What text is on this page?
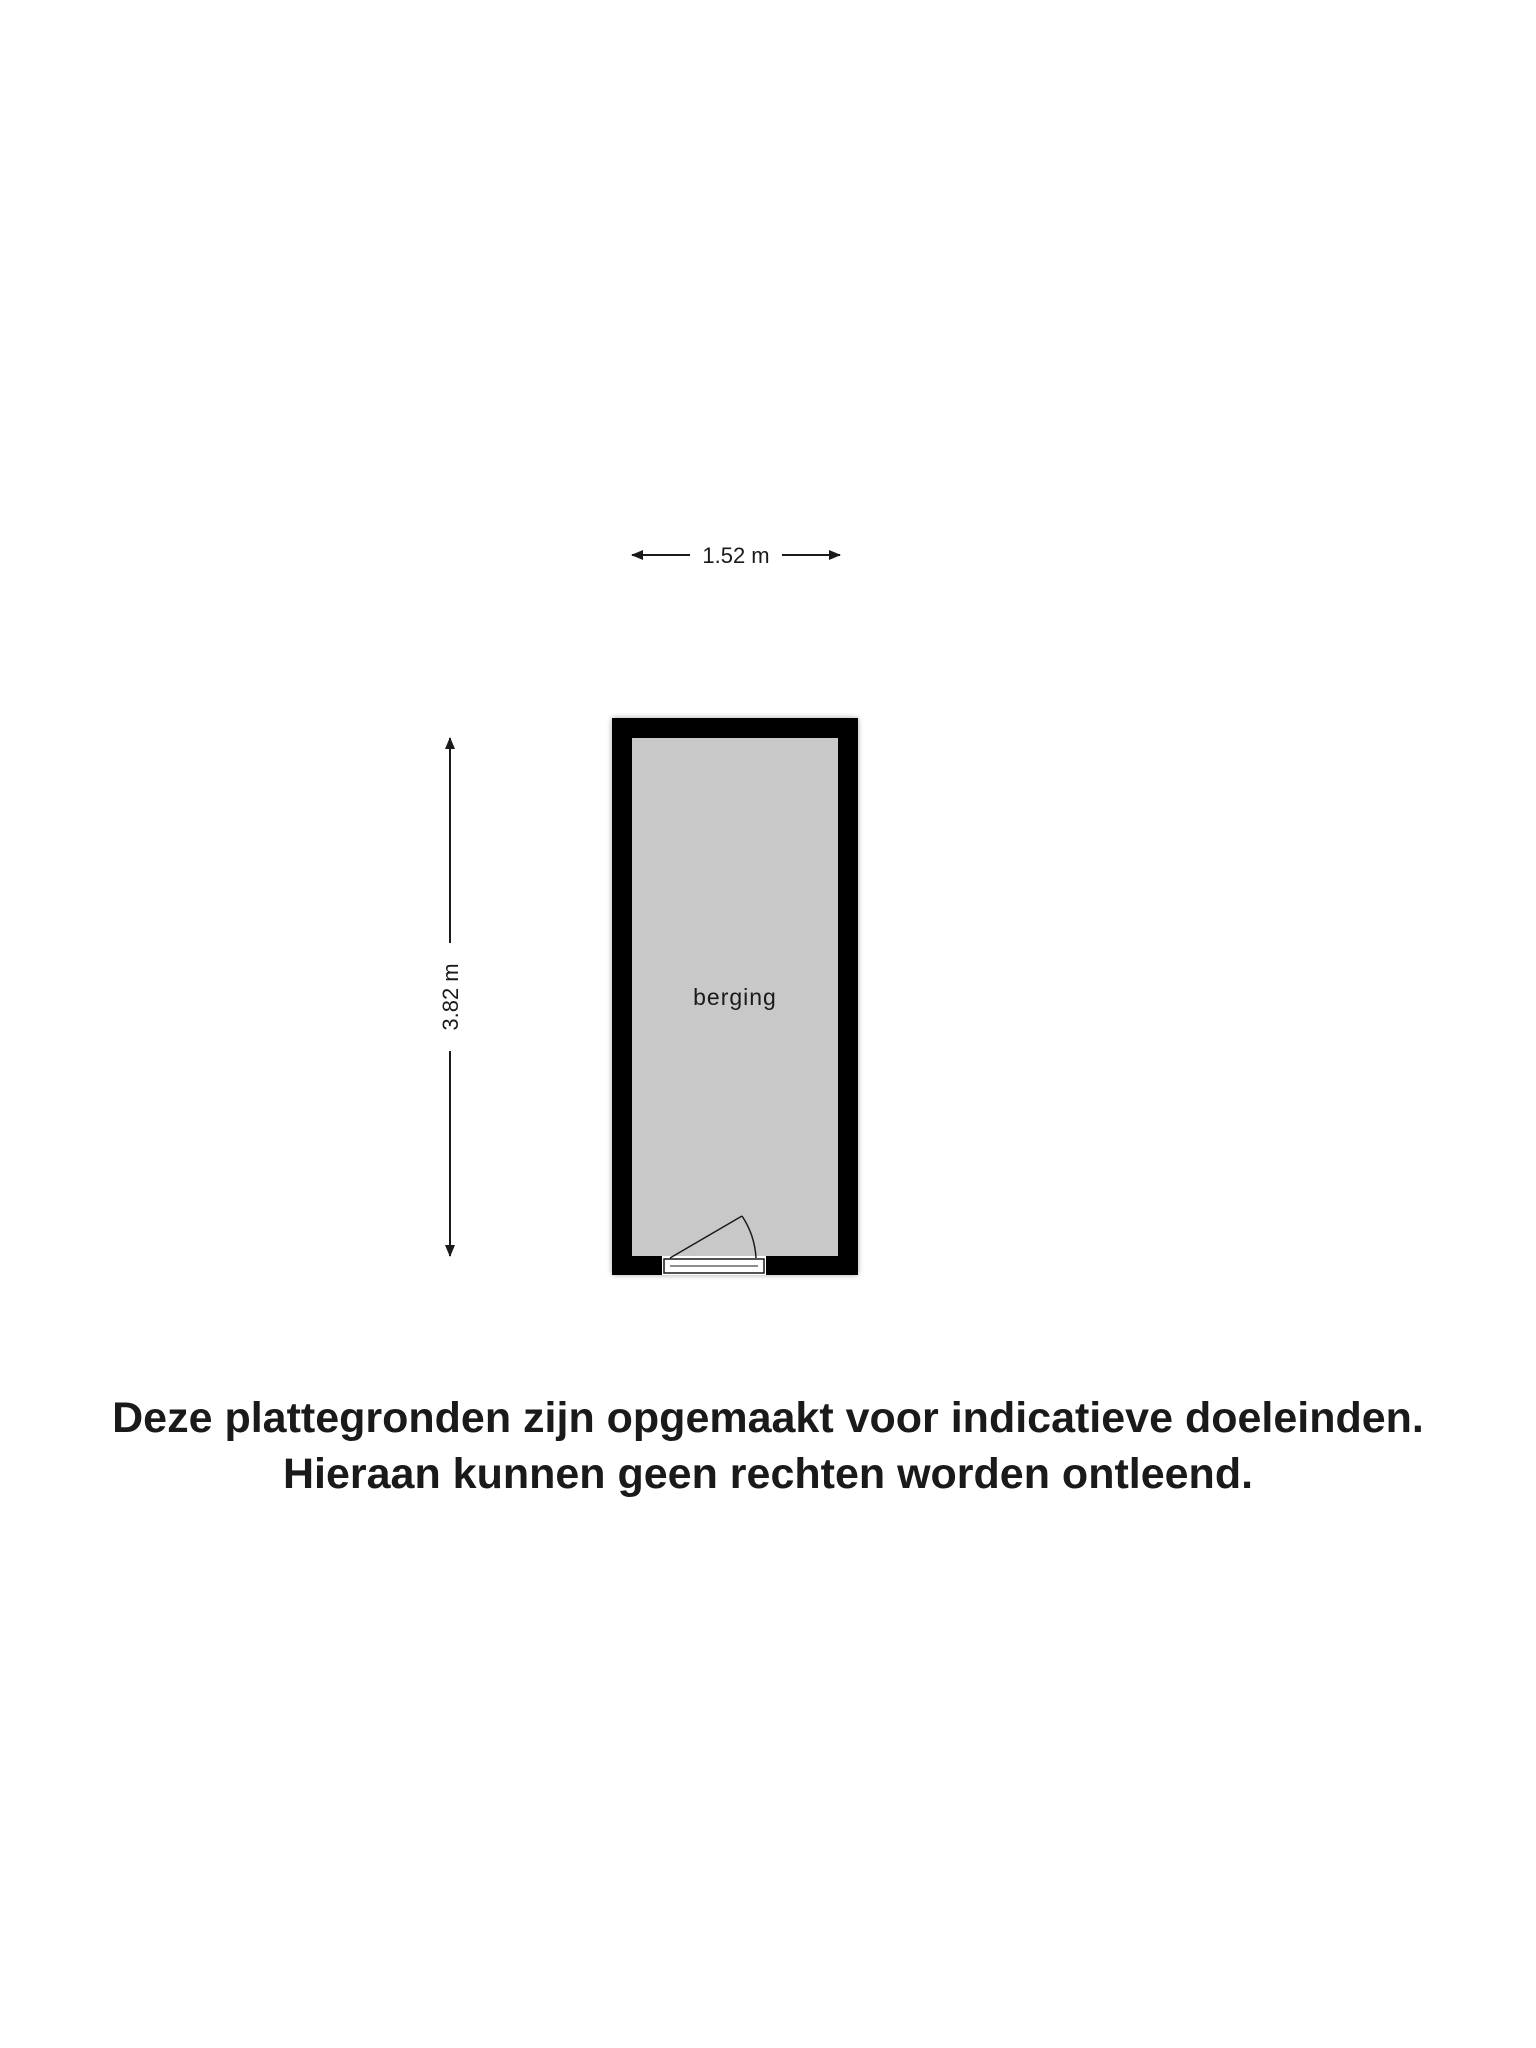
1.52 m
3.82 m	berging
Deze plattegronden zijn opgemaakt voor indicatieve doeleinden.
Hieraan kunnen geen rechten worden ontleend.
